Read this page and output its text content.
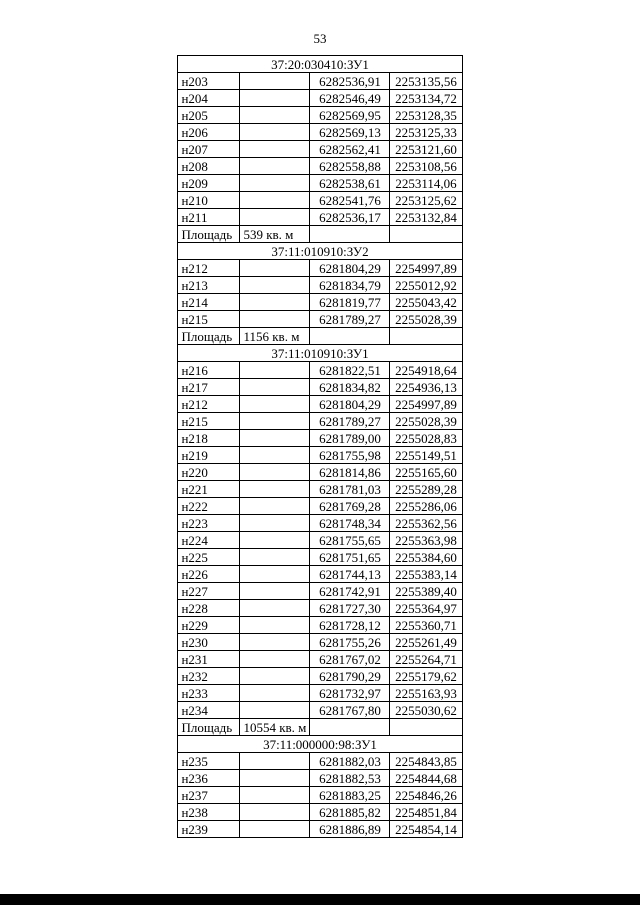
53
37:20:030410:ЗУ1			
н203		6282536,91	2253135,56
н204		6282546,49	2253134,72
н205		6282569,95	2253128,35
н206		6282569,13	2253125,33
н207		6282562,41	2253121,60
н208		6282558,88	2253108,56
н209		6282538,61	2253114,06
н210		6282541,76	2253125,62
н211		6282536,17	2253132,84
Площадь	539 кв. м		
37:11:010910:ЗУ2			
н212		6281804,29	2254997,89
н213		6281834,79	2255012,92
н214		6281819,77	2255043,42
н215		6281789,27	2255028,39
Площадь	1156 кв. м		
37:11:010910:ЗУ1			
н216		6281822,51	2254918,64
н217		6281834,82	2254936,13
н212		6281804,29	2254997,89
н215		6281789,27	2255028,39
н218		6281789,00	2255028,83
н219		6281755,98	2255149,51
н220		6281814,86	2255165,60
н221		6281781,03	2255289,28
н222		6281769,28	2255286,06
н223		6281748,34	2255362,56
н224		6281755,65	2255363,98
н225		6281751,65	2255384,60
н226		6281744,13	2255383,14
н227		6281742,91	2255389,40
н228		6281727,30	2255364,97
н229		6281728,12	2255360,71
н230		6281755,26	2255261,49
н231		6281767,02	2255264,71
н232		6281790,29	2255179,62
н233		6281732,97	2255163,93
н234		6281767,80	2255030,62
Площадь	10554 кв. м		
37:11:000000:98:ЗУ1			
н235		6281882,03	2254843,85
н236		6281882,53	2254844,68
н237		6281883,25	2254846,26
н238		6281885,82	2254851,84
н239		6281886,89	2254854,14
